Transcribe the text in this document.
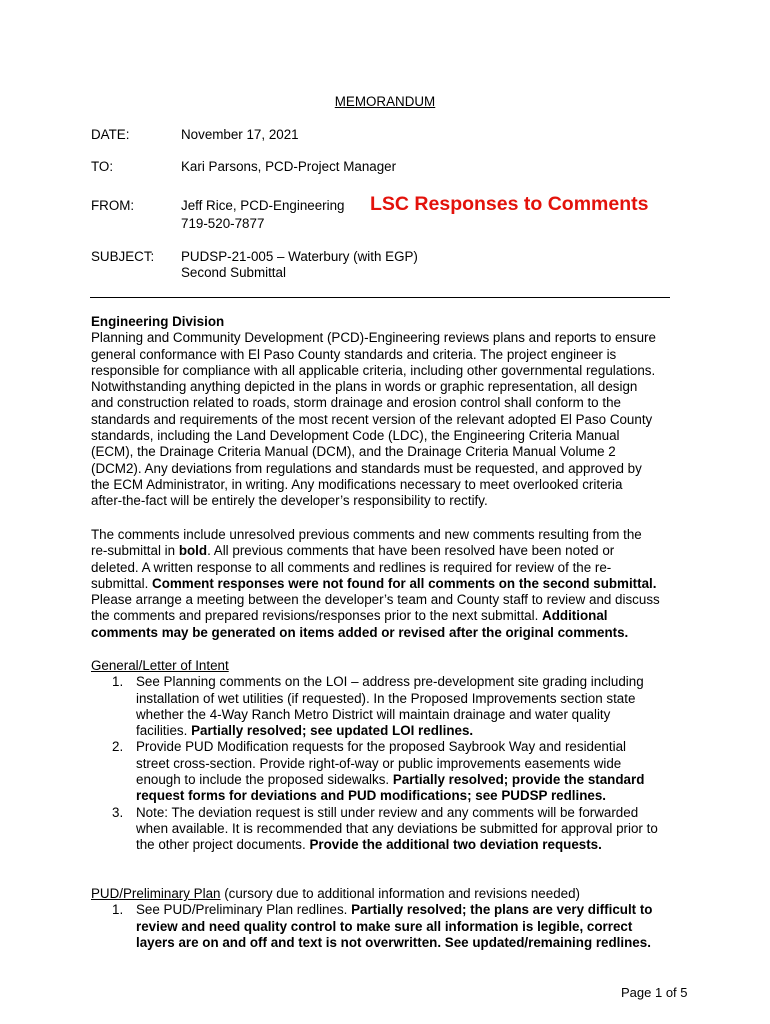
MEMORANDUM
DATE:	November 17, 2021
TO:	Kari Parsons, PCD-Project Manager
FROM:	Jeff Rice, PCD-Engineering
719-520-7877
LSC Responses to Comments
SUBJECT: PUDSP-21-005 – Waterbury (with EGP)
Second Submittal
Engineering Division
Planning and Community Development (PCD)-Engineering reviews plans and reports to ensure
general conformance with El Paso County standards and criteria. The project engineer is
responsible for compliance with all applicable criteria, including other governmental regulations.
Notwithstanding anything depicted in the plans in words or graphic representation, all design
and construction related to roads, storm drainage and erosion control shall conform to the
standards and requirements of the most recent version of the relevant adopted El Paso County
standards, including the Land Development Code (LDC), the Engineering Criteria Manual
(ECM), the Drainage Criteria Manual (DCM), and the Drainage Criteria Manual Volume 2
(DCM2). Any deviations from regulations and standards must be requested, and approved by
the ECM Administrator, in writing. Any modifications necessary to meet overlooked criteria
after-the-fact will be entirely the developer’s responsibility to rectify.
The comments include unresolved previous comments and new comments resulting from the
re-submittal in bold. All previous comments that have been resolved have been noted or
deleted. A written response to all comments and redlines is required for review of the re-
submittal. Comment responses were not found for all comments on the second submittal.
Please arrange a meeting between the developer’s team and County staff to review and discuss
the comments and prepared revisions/responses prior to the next submittal. Additional
comments may be generated on items added or revised after the original comments.
General/Letter of Intent
1. See Planning comments on the LOI – address pre-development site grading including
installation of wet utilities (if requested). In the Proposed Improvements section state
whether the 4-Way Ranch Metro District will maintain drainage and water quality
facilities. Partially resolved; see updated LOI redlines.
2. Provide PUD Modification requests for the proposed Saybrook Way and residential
street cross-section. Provide right-of-way or public improvements easements wide
enough to include the proposed sidewalks. Partially resolved; provide the standard
request forms for deviations and PUD modifications; see PUDSP redlines.
3. Note: The deviation request is still under review and any comments will be forwarded
when available. It is recommended that any deviations be submitted for approval prior to
the other project documents. Provide the additional two deviation requests.
PUD/Preliminary Plan (cursory due to additional information and revisions needed)
1. See PUD/Preliminary Plan redlines. Partially resolved; the plans are very difficult to
review and need quality control to make sure all information is legible, correct
layers are on and off and text is not overwritten. See updated/remaining redlines.
Page 1 of 5
